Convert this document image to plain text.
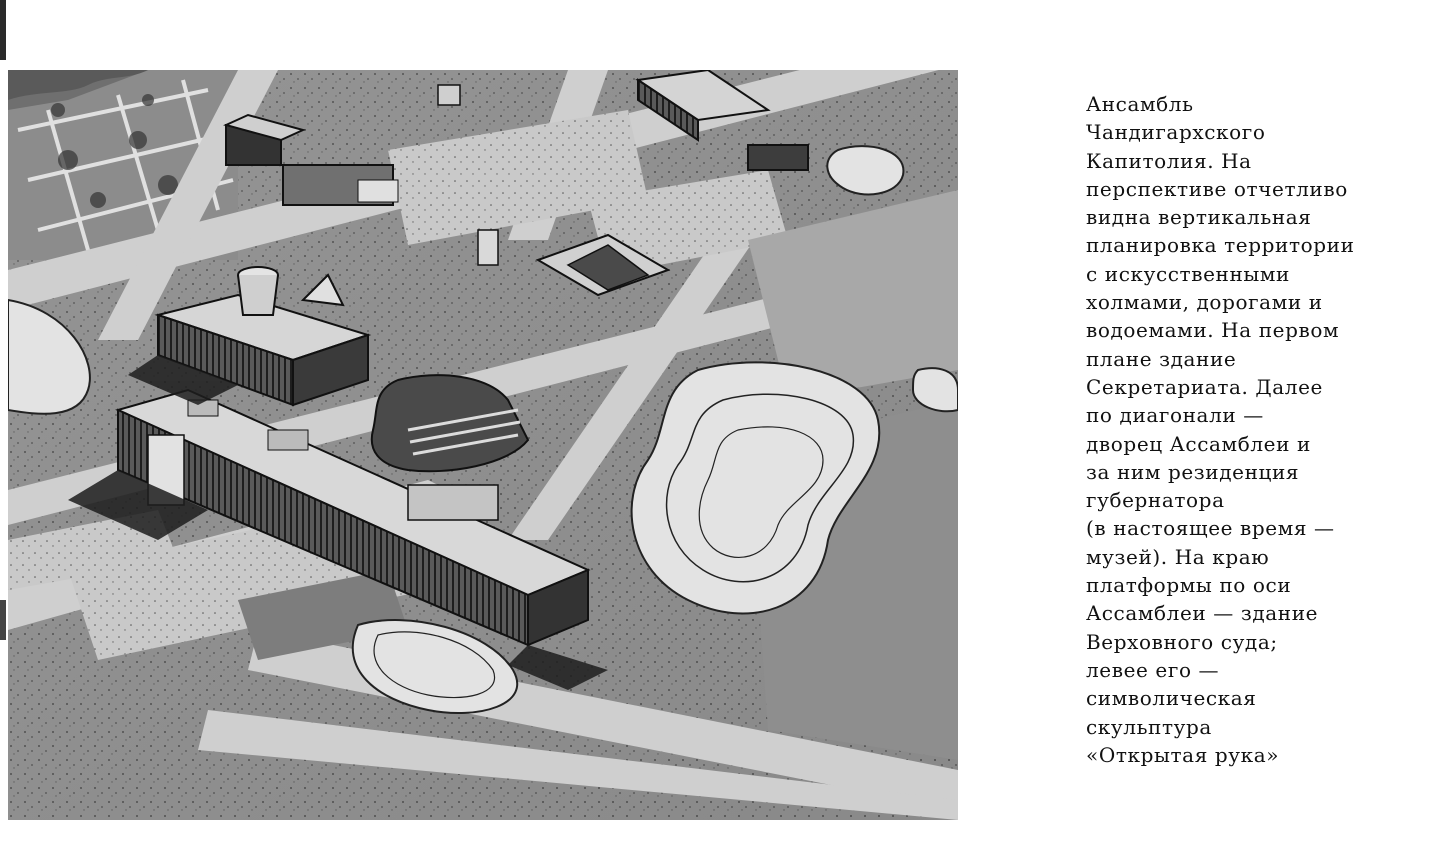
Ансамбль
Чандигархского
Капитолия. На
перспективе отчетливо
видна вертикальная
планировка территории
с искусственными
холмами, дорогами и
водоемами. На первом
плане здание
Секретариата. Далее
по диагонали —
дворец Ассамблеи и
за ним резиденция
губернатора
(в настоящее время —
музей). На краю
платформы по оси
Ассамблеи — здание
Верховного суда;
левее его —
символическая
скульптура
«Открытая рука»
